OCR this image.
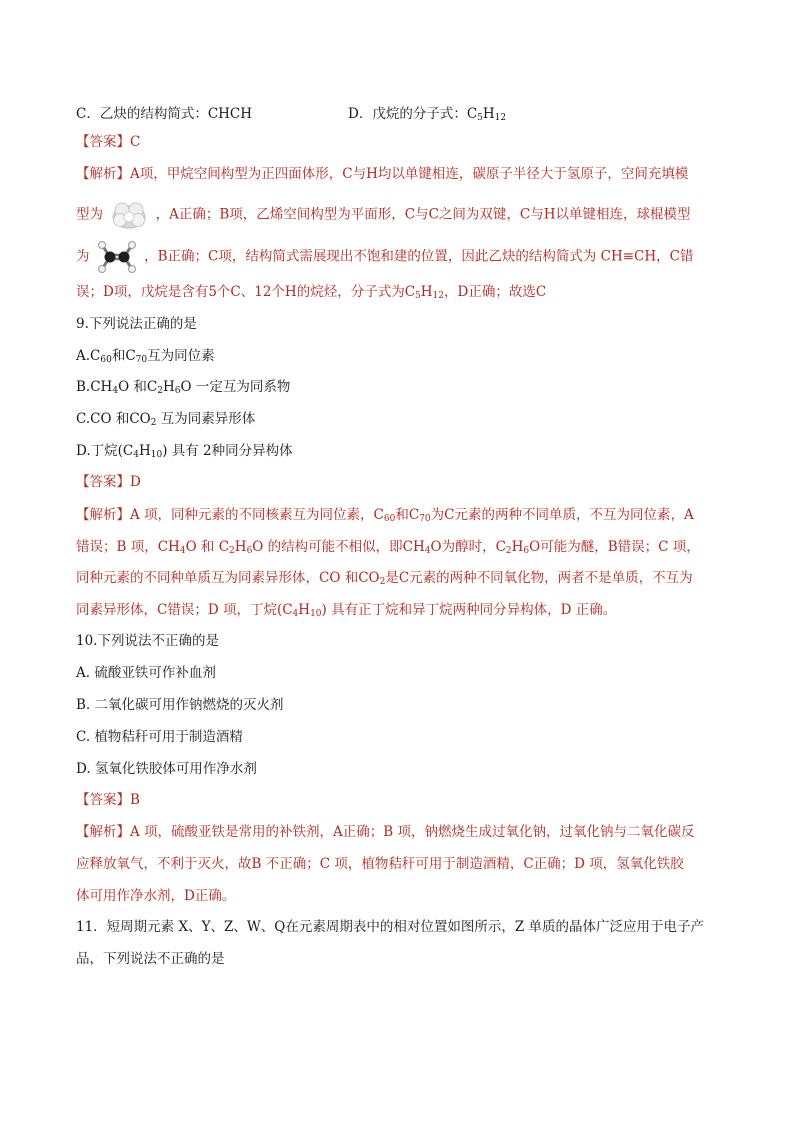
C．乙炔的结构简式：CHCH	D．戊烷的分子式：$C_5H_{12}$
【答案】C
【解析】A项，甲烷空间构型为正四面体形，C与H均以单键相连，碳原子半径大于氢原子，空间充填模
型为	，A正确；B项，乙烯空间构型为平面形，C与C之间为双键，C与H以单键相连，球棍模型
为	，B正确；C项，结构简式需展现出不饱和建的位置，因此乙炔的结构简式为 CH≡CH，C错
误；D项，戊烷是含有5个C、12个H的烷烃，分子式为$C_5H_{12}$，D正确；故选C
9.下列说法正确的是
$A.C_{60}$和$C_{70}$互为同位素
$B.CH_4O$ 和$C_2H_6O$ 一定互为同系物
C.CO 和$CO_2$ 互为同素异形体
D.丁烷$(C_4H_{10})$ 具有 2种同分异构体
【答案】D
【解析】A 项，同种元素的不同核素互为同位素，$C_{60}$和$C_{70}$为C元素的两种不同单质，不互为同位素，A
错误；B 项，$CH_4O$ 和 $C_2H_6O$ 的结构可能不相似，即$CH_4O$为醇时，$C_2H_6O$可能为醚，B错误；C 项，
同种元素的不同种单质互为同素异形体，CO 和$CO_2$是C元素的两种不同氧化物，两者不是单质，不互为
同素异形体，C错误；D 项，丁烷$(C_4H_{10})$ 具有正丁烷和异丁烷两种同分异构体，D 正确。
10.下列说法不正确的是
A. 硫酸亚铁可作补血剂
B. 二氧化碳可用作钠燃烧的灭火剂
C. 植物秸秆可用于制造酒精
D. 氢氧化铁胶体可用作净水剂
【答案】B
【解析】A 项，硫酸亚铁是常用的补铁剂，A正确；B 项，钠燃烧生成过氧化钠，过氧化钠与二氧化碳反
应释放氧气，不利于灭火，故B 不正确；C 项，植物秸秆可用于制造酒精，C正确；D 项，氢氧化铁胶
体可用作净水剂，D正确。
11．短周期元素 X、Y、Z、W、Q在元素周期表中的相对位置如图所示，Z 单质的晶体广泛应用于电子产
品，下列说法不正确的是
